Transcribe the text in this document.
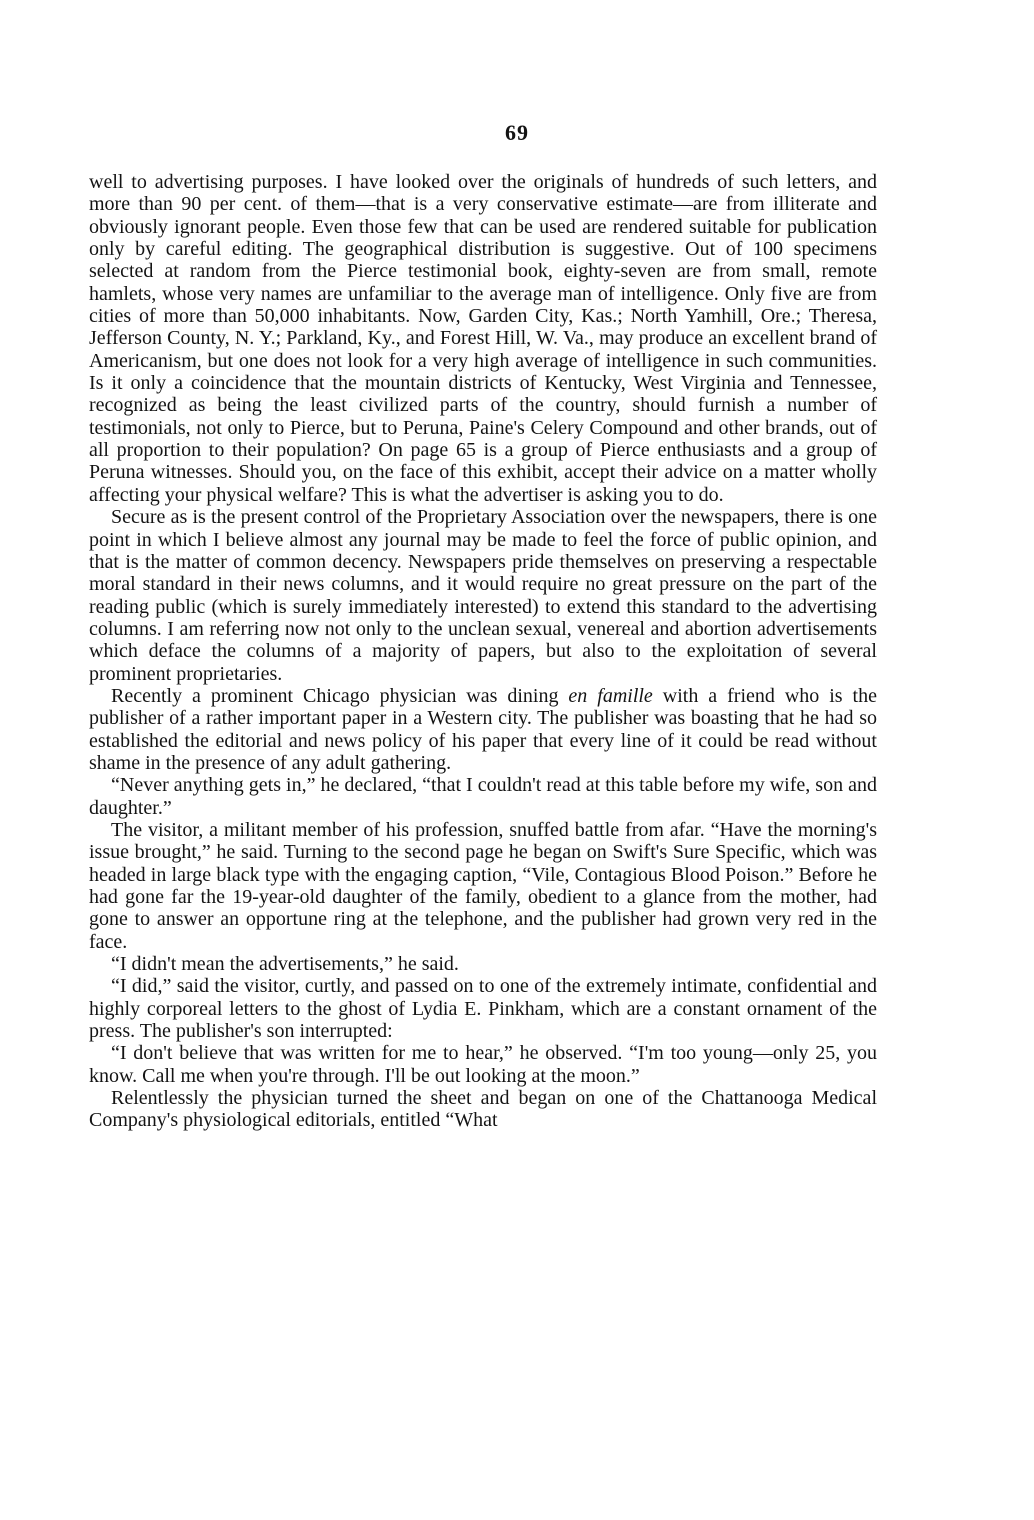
69

well to advertising purposes. I have looked over the originals of hundreds of such letters, and more than 90 per cent. of them—that is a very conservative estimate—are from illiterate and obviously ignorant people. Even those few that can be used are rendered suitable for publication only by careful editing. The geographical distribution is suggestive. Out of 100 specimens selected at random from the Pierce testimonial book, eighty-seven are from small, remote hamlets, whose very names are unfamiliar to the average man of intelligence. Only five are from cities of more than 50,000 inhabitants. Now, Garden City, Kas.; North Yamhill, Ore.; Theresa, Jefferson County, N. Y.; Parkland, Ky., and Forest Hill, W. Va., may produce an excellent brand of Americanism, but one does not look for a very high average of intelligence in such communities. Is it only a coincidence that the mountain districts of Kentucky, West Virginia and Tennessee, recognized as being the least civilized parts of the country, should furnish a number of testimonials, not only to Pierce, but to Peruna, Paine's Celery Compound and other brands, out of all proportion to their population? On page 65 is a group of Pierce enthusiasts and a group of Peruna witnesses. Should you, on the face of this exhibit, accept their advice on a matter wholly affecting your physical welfare? This is what the advertiser is asking you to do.

Secure as is the present control of the Proprietary Association over the newspapers, there is one point in which I believe almost any journal may be made to feel the force of public opinion, and that is the matter of common decency. Newspapers pride themselves on preserving a respectable moral standard in their news columns, and it would require no great pressure on the part of the reading public (which is surely immediately interested) to extend this standard to the advertising columns. I am referring now not only to the unclean sexual, venereal and abortion advertisements which deface the columns of a majority of papers, but also to the exploitation of several prominent proprietaries.

Recently a prominent Chicago physician was dining en famille with a friend who is the publisher of a rather important paper in a Western city. The publisher was boasting that he had so established the editorial and news policy of his paper that every line of it could be read without shame in the presence of any adult gathering.

“Never anything gets in,” he declared, “that I couldn't read at this table before my wife, son and daughter.”

The visitor, a militant member of his profession, snuffed battle from afar. “Have the morning's issue brought,” he said. Turning to the second page he began on Swift's Sure Specific, which was headed in large black type with the engaging caption, “Vile, Contagious Blood Poison.” Before he had gone far the 19-year-old daughter of the family, obedient to a glance from the mother, had gone to answer an opportune ring at the telephone, and the publisher had grown very red in the face.

“I didn't mean the advertisements,” he said.

“I did,” said the visitor, curtly, and passed on to one of the extremely intimate, confidential and highly corporeal letters to the ghost of Lydia E. Pinkham, which are a constant ornament of the press. The publisher's son interrupted:

“I don't believe that was written for me to hear,” he observed. “I'm too young—only 25, you know. Call me when you're through. I'll be out looking at the moon.”

Relentlessly the physician turned the sheet and began on one of the Chattanooga Medical Company's physiological editorials, entitled “What
